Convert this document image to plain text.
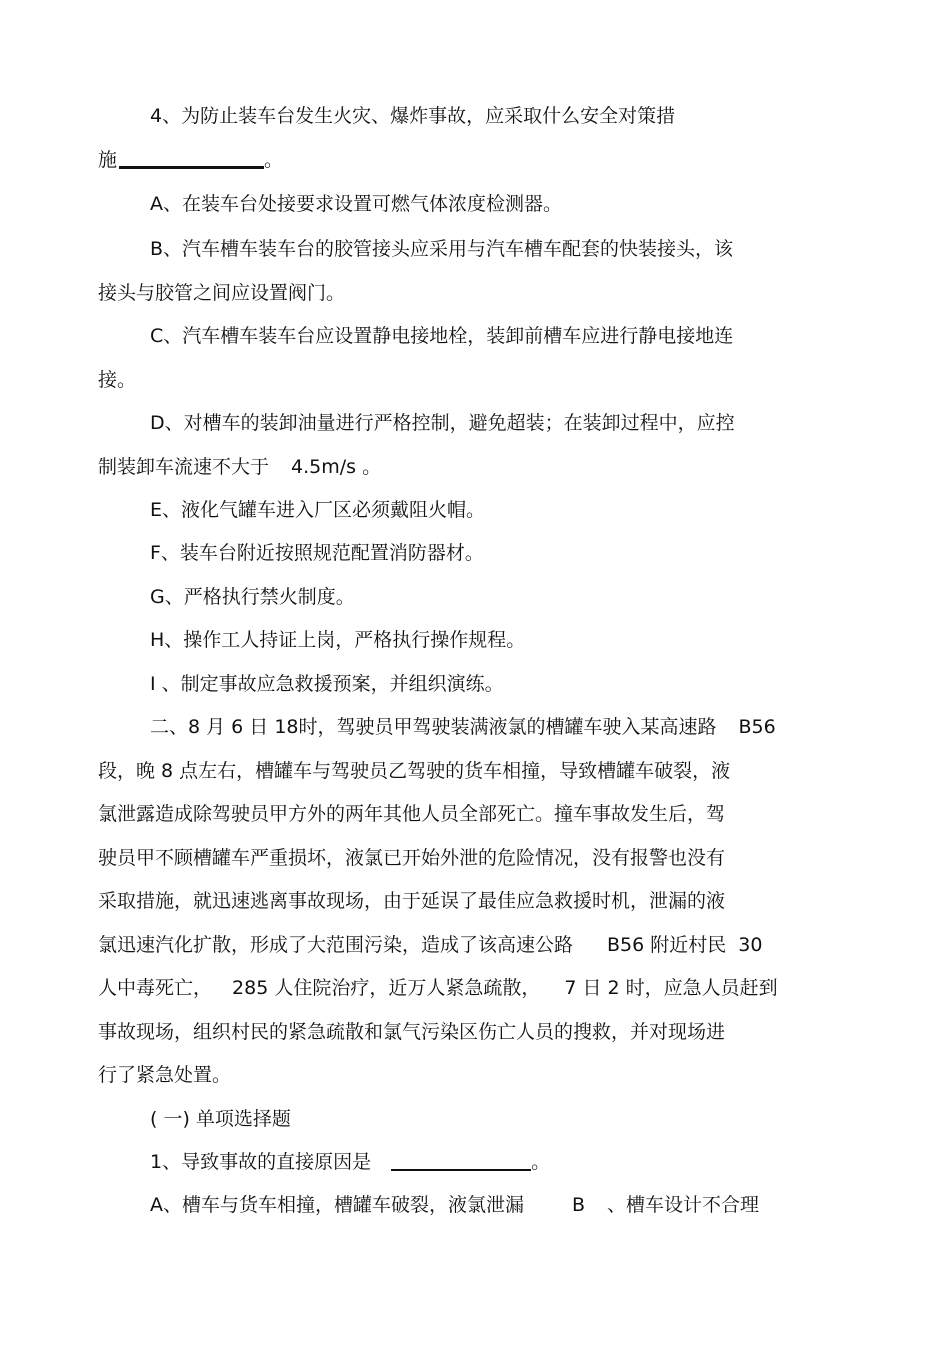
4、为防止装车台发生火灾、爆炸事故，应采取什么安全对策措
施	。
A、在装车台处接要求设置可燃气体浓度检测器。
B、汽车槽车装车台的胶管接头应采用与汽车槽车配套的快装接头，该
接头与胶管之间应设置阀门。
C、汽车槽车装车台应设置静电接地栓，装卸前槽车应进行静电接地连
接。
D、对槽车的装卸油量进行严格控制，避免超装；在装卸过程中，应控
制装卸车流速不大于 4.5m/s 。
E、液化气罐车进入厂区必须戴阻火帽。
F、装车台附近按照规范配置消防器材。
G、严格执行禁火制度。
H、操作工人持证上岗，严格执行操作规程。
I 、制定事故应急救援预案，并组织演练。
二、8 月 6 日 18时，驾驶员甲驾驶装满液氯的槽罐车驶入某高速路 B56
段，晚 8 点左右，槽罐车与驾驶员乙驾驶的货车相撞，导致槽罐车破裂，液
氯泄露造成除驾驶员甲方外的两年其他人员全部死亡。撞车事故发生后，驾
驶员甲不顾槽罐车严重损坏，液氯已开始外泄的危险情况，没有报警也没有
采取措施，就迅速逃离事故现场，由于延误了最佳应急救援时机，泄漏的液
氯迅速汽化扩散，形成了大范围污染，造成了该高速公路 B56 附近村民 30
人中毒死亡， 285 人住院治疗，近万人紧急疏散， 7 日 2 时，应急人员赶到
事故现场，组织村民的紧急疏散和氯气污染区伤亡人员的搜救，并对现场进
行了紧急处置。
( 一) 单项选择题
1、导致事故的直接原因是	。
A、槽车与货车相撞，槽罐车破裂，液氯泄漏	B 、槽车设计不合理
